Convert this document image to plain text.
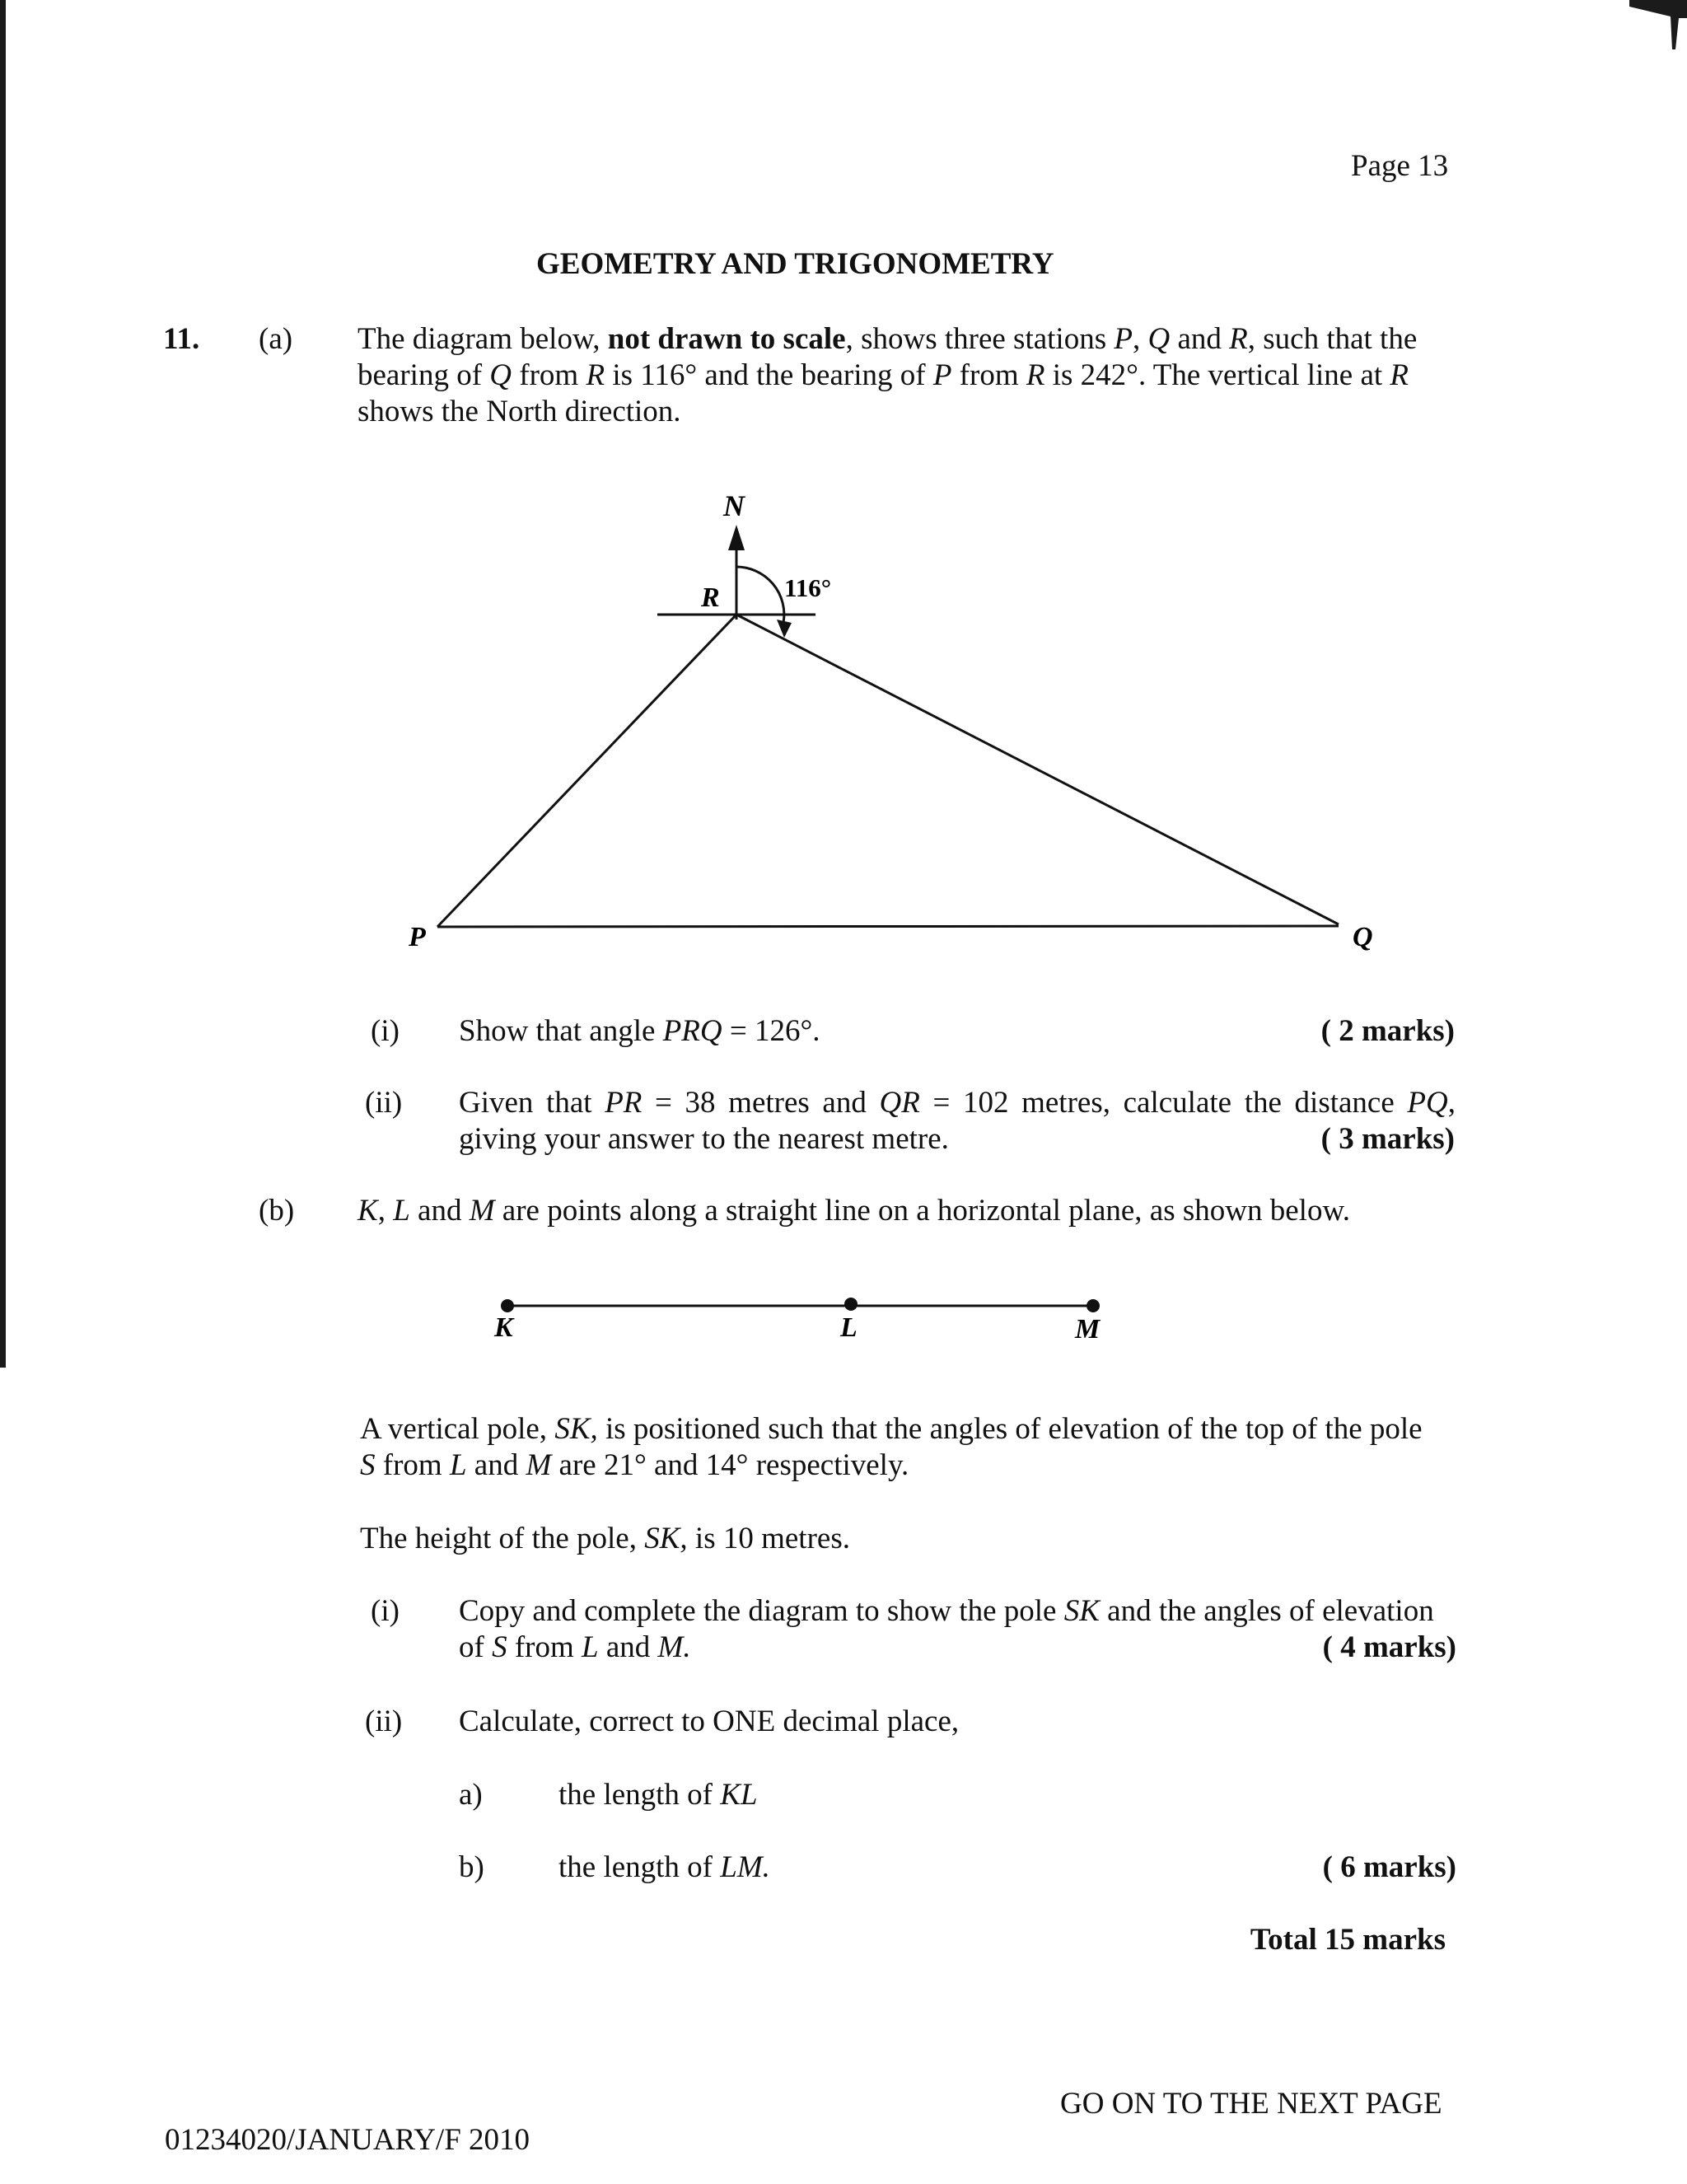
Page 13
GEOMETRY AND TRIGONOMETRY
11. (a) The diagram below, not drawn to scale, shows three stations P, Q and R, such that the
bearing of Q from R is 116° and the bearing of P from R is 242°. The vertical line at R
shows the North direction.
N
R	116°
P	Q
(i) Show that angle PRQ = 126°.	( 2 marks)
(ii) Given that PR = 38 metres and QR = 102 metres, calculate the distance PQ,
giving your answer to the nearest metre.	( 3 marks)
(b) K, L and M are points along a straight line on a horizontal plane, as shown below.
K	L	M
A vertical pole, SK, is positioned such that the angles of elevation of the top of the pole
S from L and M are 21° and 14° respectively.
The height of the pole, SK, is 10 metres.
(i) Copy and complete the diagram to show the pole SK and the angles of elevation
of S from L and M.	( 4 marks)
(ii) Calculate, correct to ONE decimal place,
a) the length of KL
b) the length of LM.	( 6 marks)
Total 15 marks
GO ON TO THE NEXT PAGE
01234020/JANUARY/F 2010
